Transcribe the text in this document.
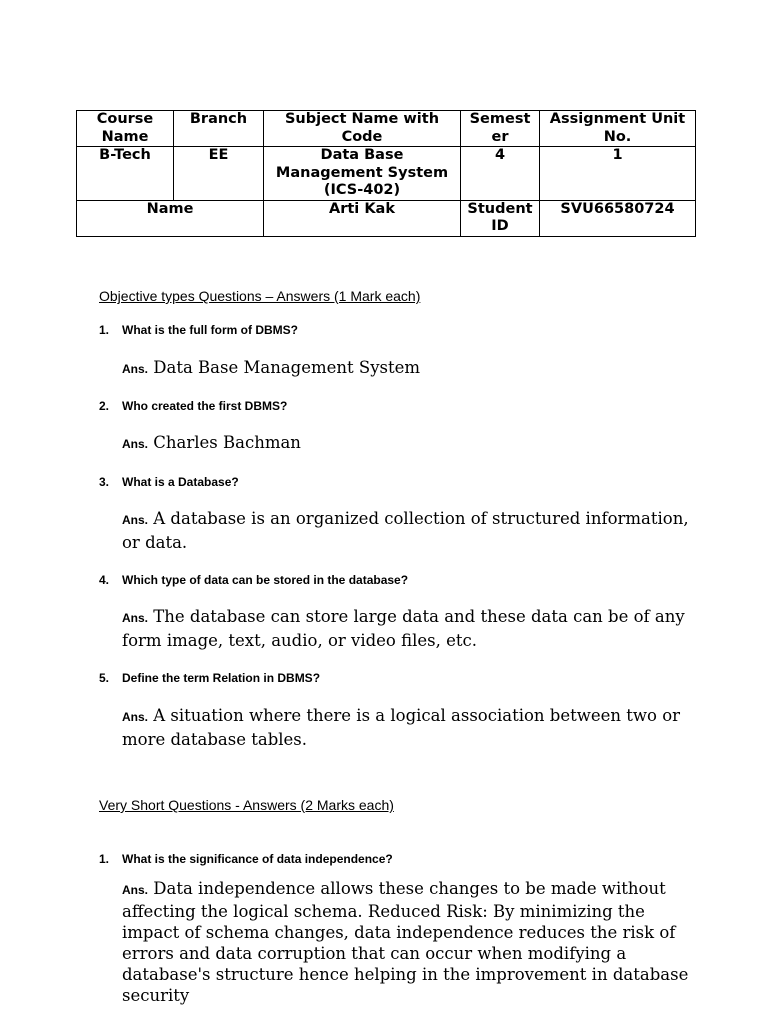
Course Name	Branch	Subject Name with Code	Semester	Assignment Unit No.
B-Tech	EE	Data Base Management System (ICS-402)	4	1
Name		Arti Kak	Student ID	SVU66580724

Objective types Questions – Answers (1 Mark each)

1. What is the full form of DBMS?

Ans. Data Base Management System

2. Who created the first DBMS?

Ans. Charles Bachman

3. What is a Database?

Ans. A database is an organized collection of structured information, or data.

4. Which type of data can be stored in the database?

Ans. The database can store large data and these data can be of any form image, text, audio, or video files, etc.

5. Define the term Relation in DBMS?

Ans. A situation where there is a logical association between two or more database tables.

Very Short Questions - Answers (2 Marks each)

1. What is the significance of data independence?

Ans. Data independence allows these changes to be made without affecting the logical schema. Reduced Risk: By minimizing the impact of schema changes, data independence reduces the risk of errors and data corruption that can occur when modifying a database's structure hence helping in the improvement in database security
